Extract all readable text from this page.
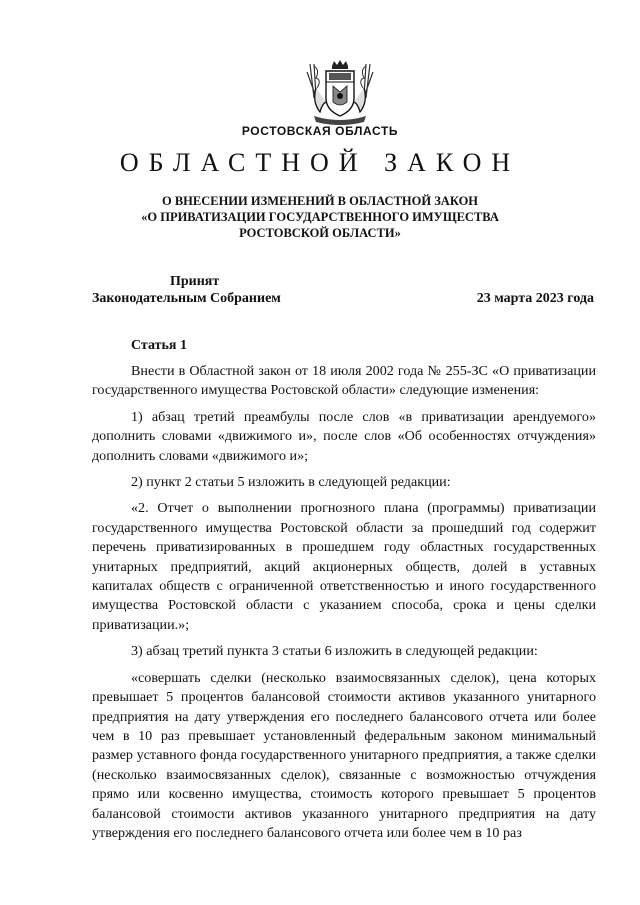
РОСТОВСКАЯ ОБЛАСТЬ
ОБЛАСТНОЙ ЗАКОН
О ВНЕСЕНИИ ИЗМЕНЕНИЙ В ОБЛАСТНОЙ ЗАКОН
«О ПРИВАТИЗАЦИИ ГОСУДАРСТВЕННОГО ИМУЩЕСТВА
РОСТОВСКОЙ ОБЛАСТИ»
Принят
Законодательным Собранием	23 марта 2023 года
Статья 1

Внести в Областной закон от 18 июля 2002 года № 255-ЗС «О приватизации государственного имущества Ростовской области» следующие изменения:

1) абзац третий преамбулы после слов «в приватизации арендуемого» дополнить словами «движимого и», после слов «Об особенностях отчуждения» дополнить словами «движимого и»;

2) пункт 2 статьи 5 изложить в следующей редакции:

«2. Отчет о выполнении прогнозного плана (программы) приватизации государственного имущества Ростовской области за прошедший год содержит перечень приватизированных в прошедшем году областных государственных унитарных предприятий, акций акционерных обществ, долей в уставных капиталах обществ с ограниченной ответственностью и иного государственного имущества Ростовской области с указанием способа, срока и цены сделки приватизации.»;

3) абзац третий пункта 3 статьи 6 изложить в следующей редакции:

«совершать сделки (несколько взаимосвязанных сделок), цена которых превышает 5 процентов балансовой стоимости активов указанного унитарного предприятия на дату утверждения его последнего балансового отчета или более чем в 10 раз превышает установленный федеральным законом минимальный размер уставного фонда государственного унитарного предприятия, а также сделки (несколько взаимосвязанных сделок), связанные с возможностью отчуждения прямо или косвенно имущества, стоимость которого превышает 5 процентов балансовой стоимости активов указанного унитарного предприятия на дату утверждения его последнего балансового отчета или более чем в 10 раз
